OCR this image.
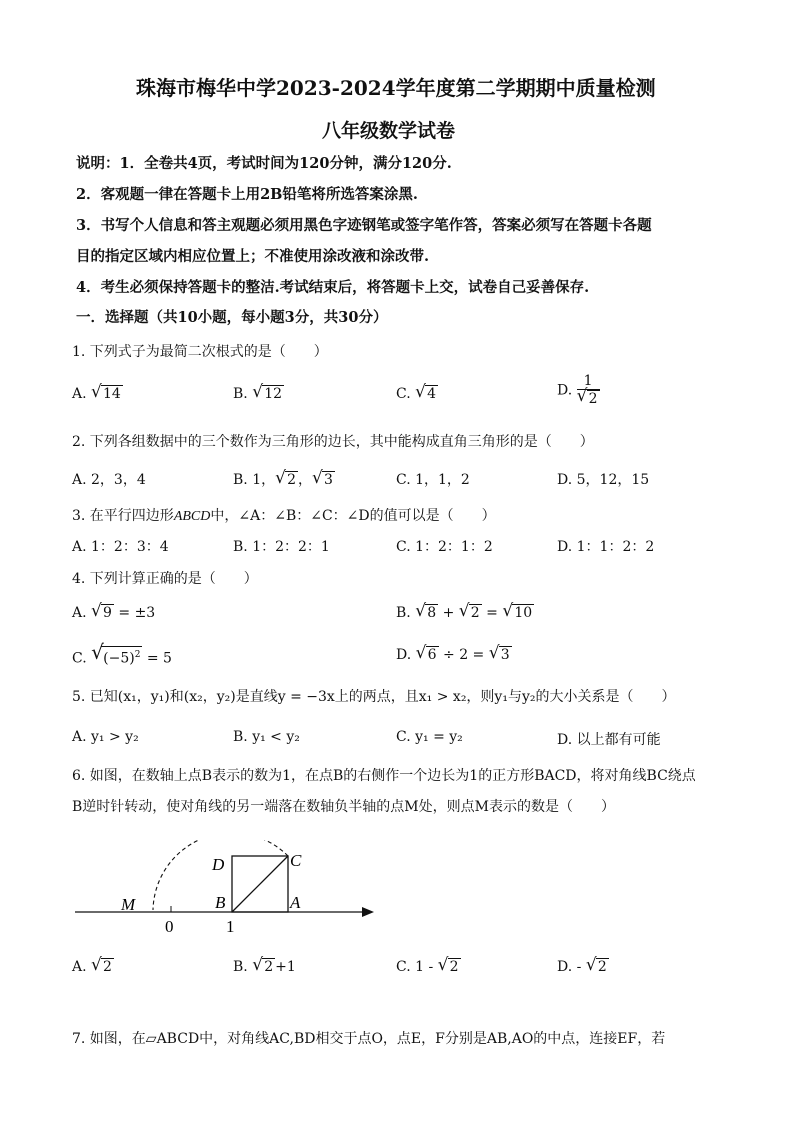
珠海市梅华中学2023-2024学年度第二学期期中质量检测
八年级数学试卷
说明：1．全卷共4页，考试时间为120分钟，满分120分.
2．客观题一律在答题卡上用2B铅笔将所选答案涂黑.
3．书写个人信息和答主观题必须用黑色字迹钢笔或签字笔作答，答案必须写在答题卡各题
目的指定区域内相应位置上；不准使用涂改液和涂改带.
4．考生必须保持答题卡的整洁.考试结束后，将答题卡上交，试卷自己妥善保存.
一．选择题（共10小题，每小题3分，共30分）
1. 下列式子为最简二次根式的是（　　）
A. √ 14	B. √ 12	C. √ 4	D. $\frac{1}{√ 2}$
2. 下列各组数据中的三个数作为三角形的边长，其中能构成直角三角形的是（　　）
A. 2，3，4	B. 1， √ 2 ， √ 3	C. 1，1，2	D. 5，12，15
3. 在平行四边形ABCD中，∠A：∠B：∠C：∠D的值可以是（　　）
A. 1：2：3：4	B. 1：2：2：1	C. 1：2：1：2	D. 1：1：2：2
4. 下列计算正确的是（　　）
A. √ 9 = ±3	B. √ 8 + √ 2 = √ 10
C. √ $(-5)^2 = 5$	D. √ 6 ÷ 2 = √ 3
5. 已知(x₁，y₁)和(x₂，y₂)是直线y = −3x上的两点，且x₁ > x₂，则y₁与y₂的大小关系是（　　）
A. y₁ > y₂	B. y₁ < y₂	C. y₁ = y₂	D. 以上都有可能
6. 如图，在数轴上点B表示的数为1，在点B的右侧作一个边长为1的正方形BACD，将对角线BC绕点
B逆时针转动，使对角线的另一端落在数轴负半轴的点M处，则点M表示的数是（　　）
M
D	C
B	A
0	1
A. √ 2	B. √ 2 +1	C. 1 - √ 2	D. - √ 2
7. 如图，在▱ABCD中，对角线AC,BD相交于点O，点E，F分别是AB,AO的中点，连接EF，若
